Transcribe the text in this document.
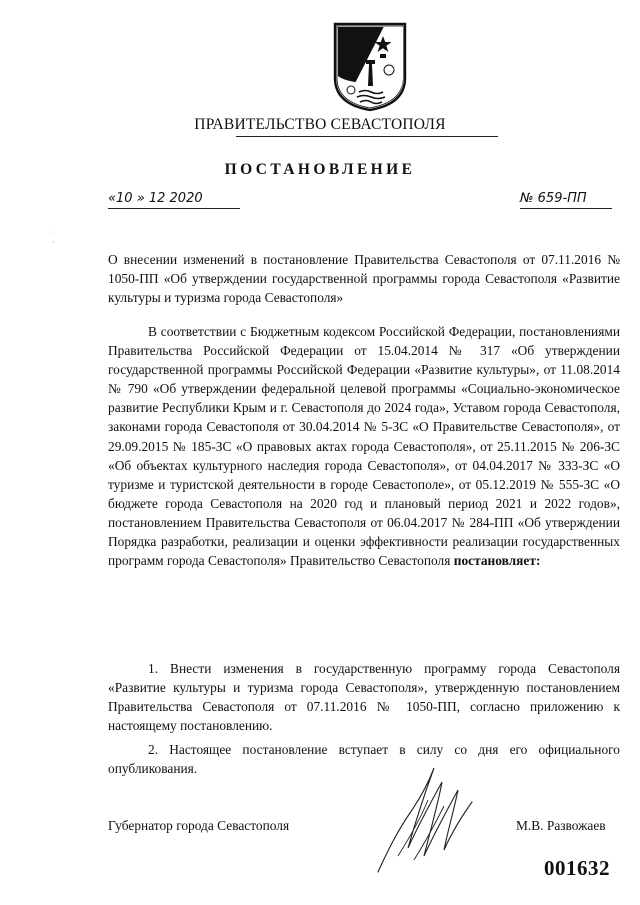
ПРАВИТЕЛЬСТВО СЕВАСТОПОЛЯ
ПОСТАНОВЛЕНИЕ
«10 » 12 2020	№ 659-ПП
·
·
О внесении изменений в постановление Правительства Севастополя от 07.11.2016 № 1050-ПП «Об утверждении государственной программы города Севастополя «Развитие культуры и туризма города Севастополя»
В соответствии с Бюджетным кодексом Российской Федерации, постановлениями Правительства Российской Федерации от 15.04.2014 № 317 «Об утверждении государственной программы Российской Федерации «Развитие культуры», от 11.08.2014 № 790 «Об утверждении федеральной целевой программы «Социально-экономическое развитие Республики Крым и г. Севастополя до 2024 года», Уставом города Севастополя, законами города Севастополя от 30.04.2014 № 5-ЗС «О Правительстве Севастополя», от 29.09.2015 № 185-ЗС «О правовых актах города Севастополя», от 25.11.2015 № 206-ЗС «Об объектах культурного наследия города Севастополя», от 04.04.2017 № 333-ЗС «О туризме и туристской деятельности в городе Севастополе», от 05.12.2019 № 555-ЗС «О бюджете города Севастополя на 2020 год и плановый период 2021 и 2022 годов», постановлением Правительства Севастополя от 06.04.2017 № 284-ПП «Об утверждении Порядка разработки, реализации и оценки эффективности реализации государственных программ города Севастополя» Правительство Севастополя постановляет:
1. Внести изменения в государственную программу города Севастополя «Развитие культуры и туризма города Севастополя», утвержденную постановлением Правительства Севастополя от 07.11.2016 № 1050-ПП, согласно приложению к настоящему постановлению.
2. Настоящее постановление вступает в силу со дня его официального опубликования.
Губернатор города Севастополя	М.В. Развожаев
001632
